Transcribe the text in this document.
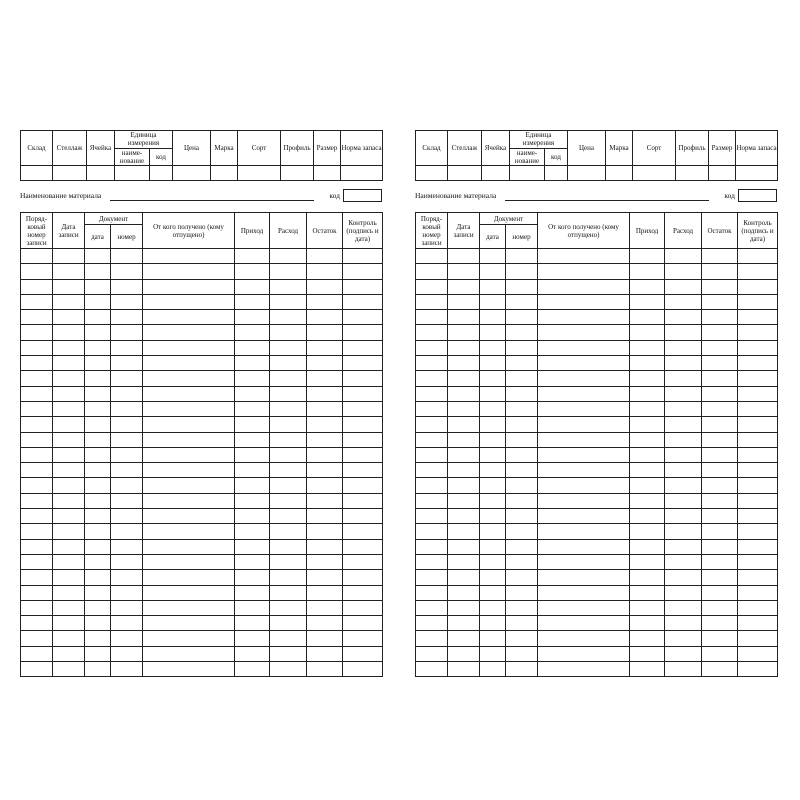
Склад	Стеллаж	Ячейка	Единица измерения		Цена	Марка	Сорт	Профиль	Размер	Норма запаса
			наиме-нование	код						

Наименование материала	код
Поряд-ковый номер записи	Дата записи	Документ		От кого получено (кому отпущено)	Приход	Расход	Остаток	Контроль (подпись и дата)
		дата	номер					

Склад	Стеллаж	Ячейка	Единица измерения		Цена	Марка	Сорт	Профиль	Размер	Норма запаса
			наиме-нование	код						

Наименование материала	код
Поряд-ковый номер записи	Дата записи	Документ		От кого получено (кому отпущено)	Приход	Расход	Остаток	Контроль (подпись и дата)
		дата	номер					
